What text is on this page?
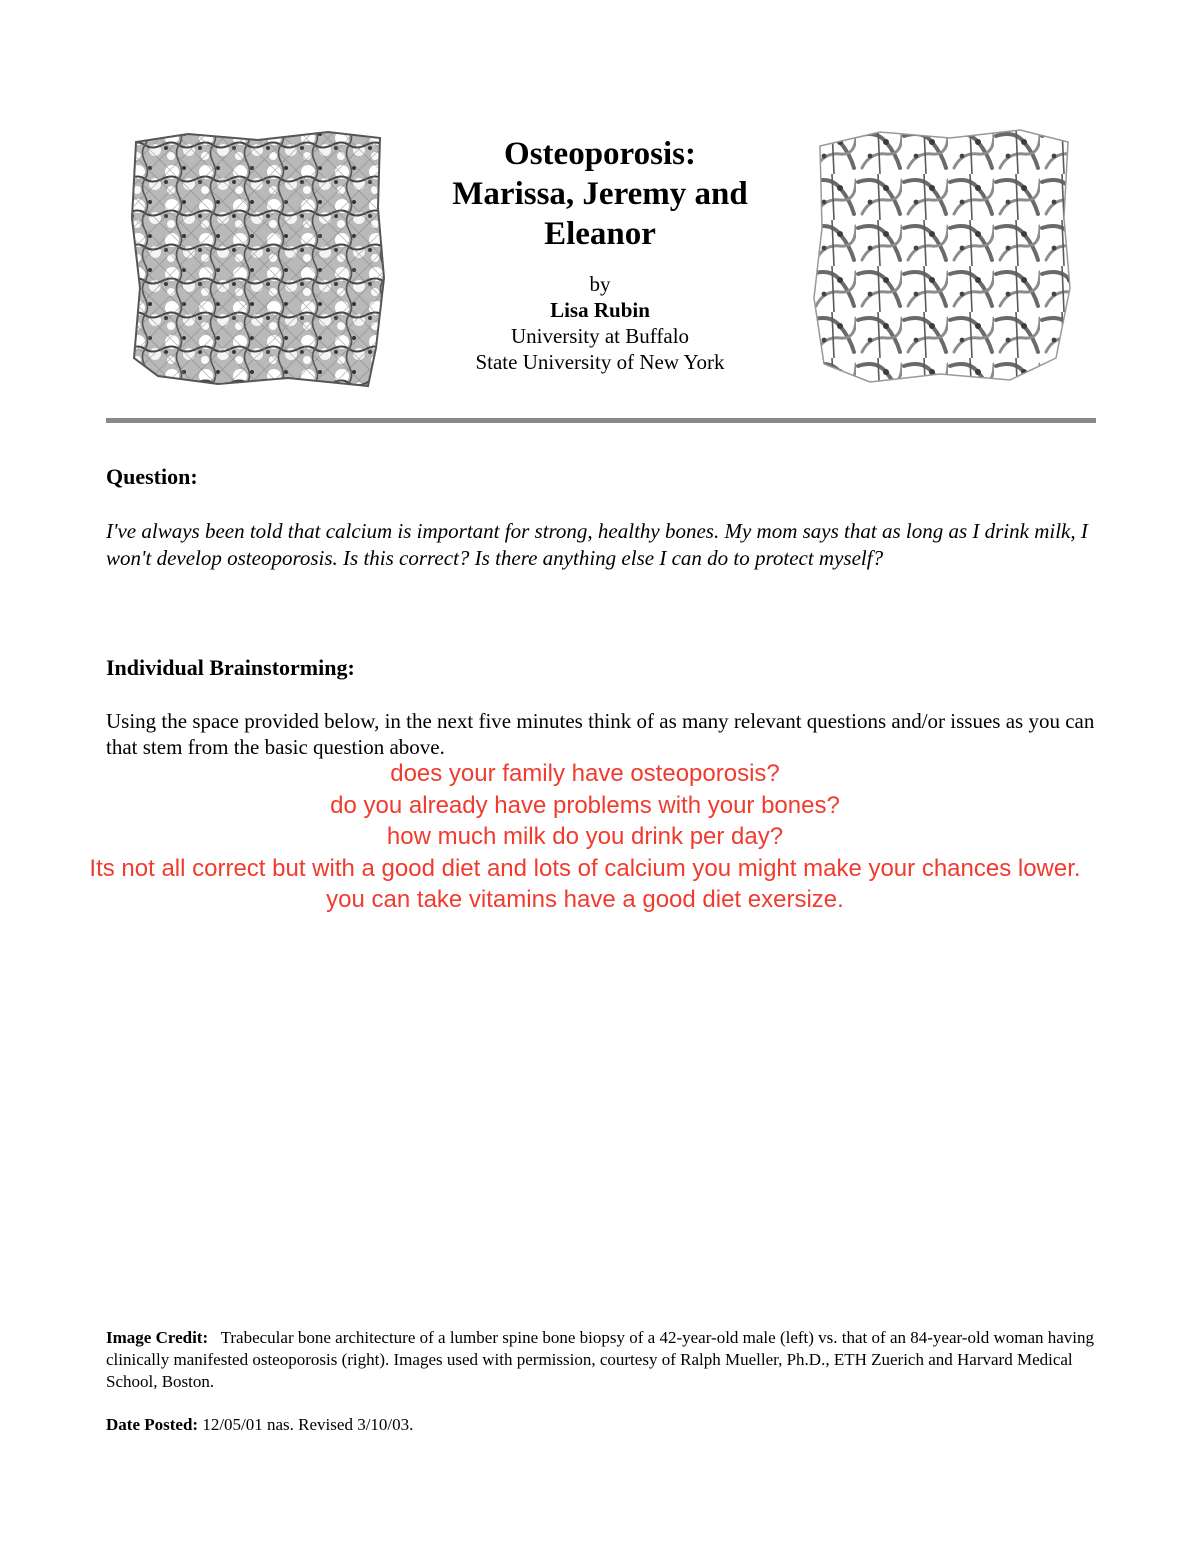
Osteoporosis:
Marissa, Jeremy and
Eleanor
by
Lisa Rubin
University at Buffalo
State University of New York
Question:
I've always been told that calcium is important for strong, healthy bones. My mom says that as long as I drink milk, I won't develop osteoporosis. Is this correct? Is there anything else I can do to protect myself?
Individual Brainstorming:
Using the space provided below, in the next five minutes think of as many relevant questions and/or issues as you can that stem from the basic question above.
does your family have osteoporosis?
do you already have problems with your bones?
how much milk do you drink per day?
Its not all correct but with a good diet and lots of calcium you might make your chances lower.
you can take vitamins have a good diet exersize.
Image Credit: Trabecular bone architecture of a lumber spine bone biopsy of a 42-year-old male (left) vs. that of an 84-year-old woman having clinically manifested osteoporosis (right). Images used with permission, courtesy of Ralph Mueller, Ph.D., ETH Zuerich and Harvard Medical School, Boston.
Date Posted: 12/05/01 nas. Revised 3/10/03.
